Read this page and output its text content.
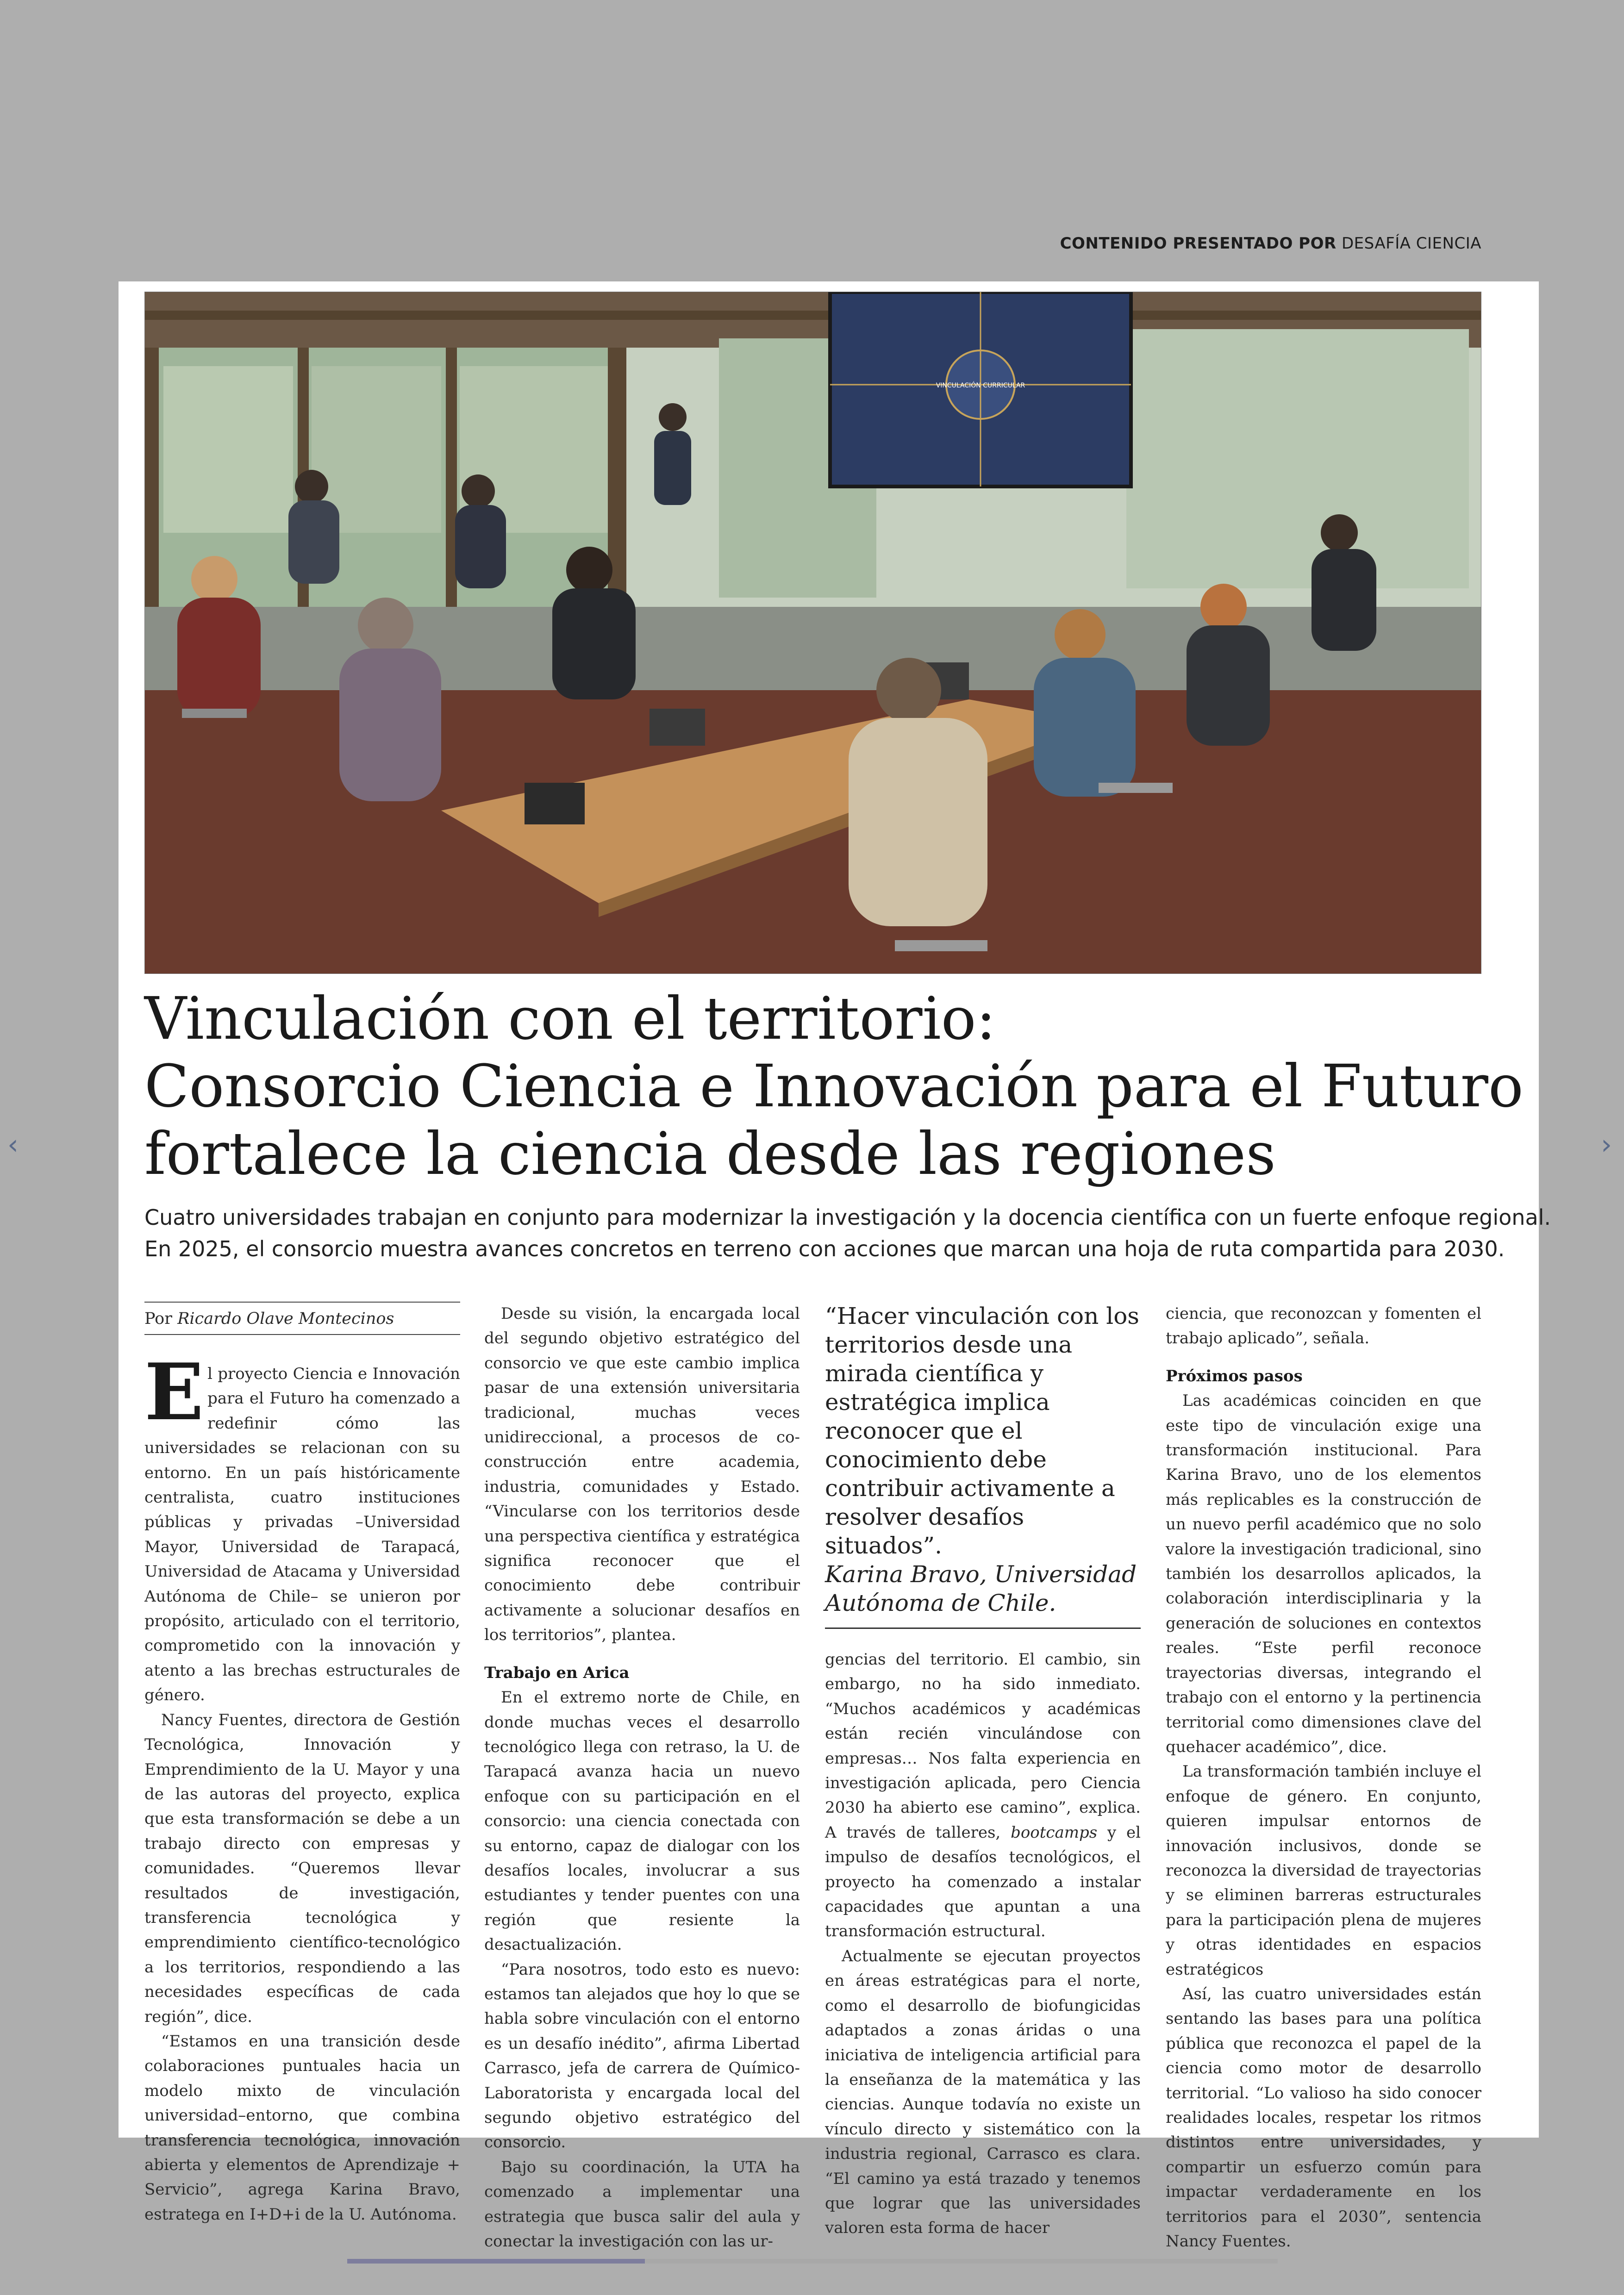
CONTENIDO PRESENTADO POR DESAFÍA CIENCIA
‹	›
VINCULACIÓN CURRICULAR
Vinculación con el territorio:
Consorcio Ciencia e Innovación para el Futuro
fortalece la ciencia desde las regiones
Cuatro universidades trabajan en conjunto para modernizar la investigación y la docencia científica con un fuerte enfoque regional.
En 2025, el consorcio muestra avances concretos en terreno con acciones que marcan una hoja de ruta compartida para 2030.
Por Ricardo Olave Montecinos

El proyecto Ciencia e Innovación para el Futuro ha comenzado a redefinir cómo las universidades se relacionan con su entorno. En un país históricamente centralista, cuatro instituciones públicas y privadas –Universidad Mayor, Universidad de Tarapacá, Universidad de Atacama y Universidad Autónoma de Chile– se unieron por propósito, articulado con el territorio, comprometido con la innovación y atento a las brechas estructurales de género.

Nancy Fuentes, directora de Gestión Tecnológica, Innovación y Emprendimiento de la U. Mayor y una de las autoras del proyecto, explica que esta transformación se debe a un trabajo directo con empresas y comunidades. “Queremos llevar resultados de investigación, transferencia tecnológica y emprendimiento científico-tecnológico a los territorios, respondiendo a las necesidades específicas de cada región”, dice.

“Estamos en una transición desde colaboraciones puntuales hacia un modelo mixto de vinculación universidad–entorno, que combina transferencia tecnológica, innovación abierta y elementos de Aprendizaje + Servicio”, agrega Karina Bravo, estratega en I+D+i de la U. Autónoma.

Desde su visión, la encargada local del segundo objetivo estratégico del consorcio ve que este cambio implica pasar de una extensión universitaria tradicional, muchas veces unidireccional, a procesos de co-construcción entre academia, industria, comunidades y Estado. “Vincularse con los territorios desde una perspectiva científica y estratégica significa reconocer que el conocimiento debe contribuir activamente a solucionar desafíos en los territorios”, plantea.

Trabajo en Arica

En el extremo norte de Chile, en donde muchas veces el desarrollo tecnológico llega con retraso, la U. de Tarapacá avanza hacia un nuevo enfoque con su participación en el consorcio: una ciencia conectada con su entorno, capaz de dialogar con los desafíos locales, involucrar a sus estudiantes y tender puentes con una región que resiente la desactualización.

“Para nosotros, todo esto es nuevo: estamos tan alejados que hoy lo que se habla sobre vinculación con el entorno es un desafío inédito”, afirma Libertad Carrasco, jefa de carrera de Químico-Laboratorista y encargada local del segundo objetivo estratégico del consorcio.

Bajo su coordinación, la UTA ha comenzado a implementar una estrategia que busca salir del aula y conectar la investigación con las ur-

“Hacer vinculación con los territorios desde una mirada científica y estratégica implica reconocer que el conocimiento debe contribuir activamente a resolver desafíos situados”.
Karina Bravo, Universidad Autónoma de Chile.

gencias del territorio. El cambio, sin embargo, no ha sido inmediato. “Muchos académicos y académicas están recién vinculándose con empresas… Nos falta experiencia en investigación aplicada, pero Ciencia 2030 ha abierto ese camino”, explica. A través de talleres, bootcamps y el impulso de desafíos tecnológicos, el proyecto ha comenzado a instalar capacidades que apuntan a una transformación estructural.

Actualmente se ejecutan proyectos en áreas estratégicas para el norte, como el desarrollo de biofungicidas adaptados a zonas áridas o una iniciativa de inteligencia artificial para la enseñanza de la matemática y las ciencias. Aunque todavía no existe un vínculo directo y sistemático con la industria regional, Carrasco es clara. “El camino ya está trazado y tenemos que lograr que las universidades valoren esta forma de hacer

ciencia, que reconozcan y fomenten el trabajo aplicado”, señala.

Próximos pasos

Las académicas coinciden en que este tipo de vinculación exige una transformación institucional. Para Karina Bravo, uno de los elementos más replicables es la construcción de un nuevo perfil académico que no solo valore la investigación tradicional, sino también los desarrollos aplicados, la colaboración interdisciplinaria y la generación de soluciones en contextos reales. “Este perfil reconoce trayectorias diversas, integrando el trabajo con el entorno y la pertinencia territorial como dimensiones clave del quehacer académico”, dice.

La transformación también incluye el enfoque de género. En conjunto, quieren impulsar entornos de innovación inclusivos, donde se reconozca la diversidad de trayectorias y se eliminen barreras estructurales para la participación plena de mujeres y otras identidades en espacios estratégicos

Así, las cuatro universidades están sentando las bases para una política pública que reconozca el papel de la ciencia como motor de desarrollo territorial. “Lo valioso ha sido conocer realidades locales, respetar los ritmos distintos entre universidades, y compartir un esfuerzo común para impactar verdaderamente en los territorios para el 2030”, sentencia Nancy Fuentes.
